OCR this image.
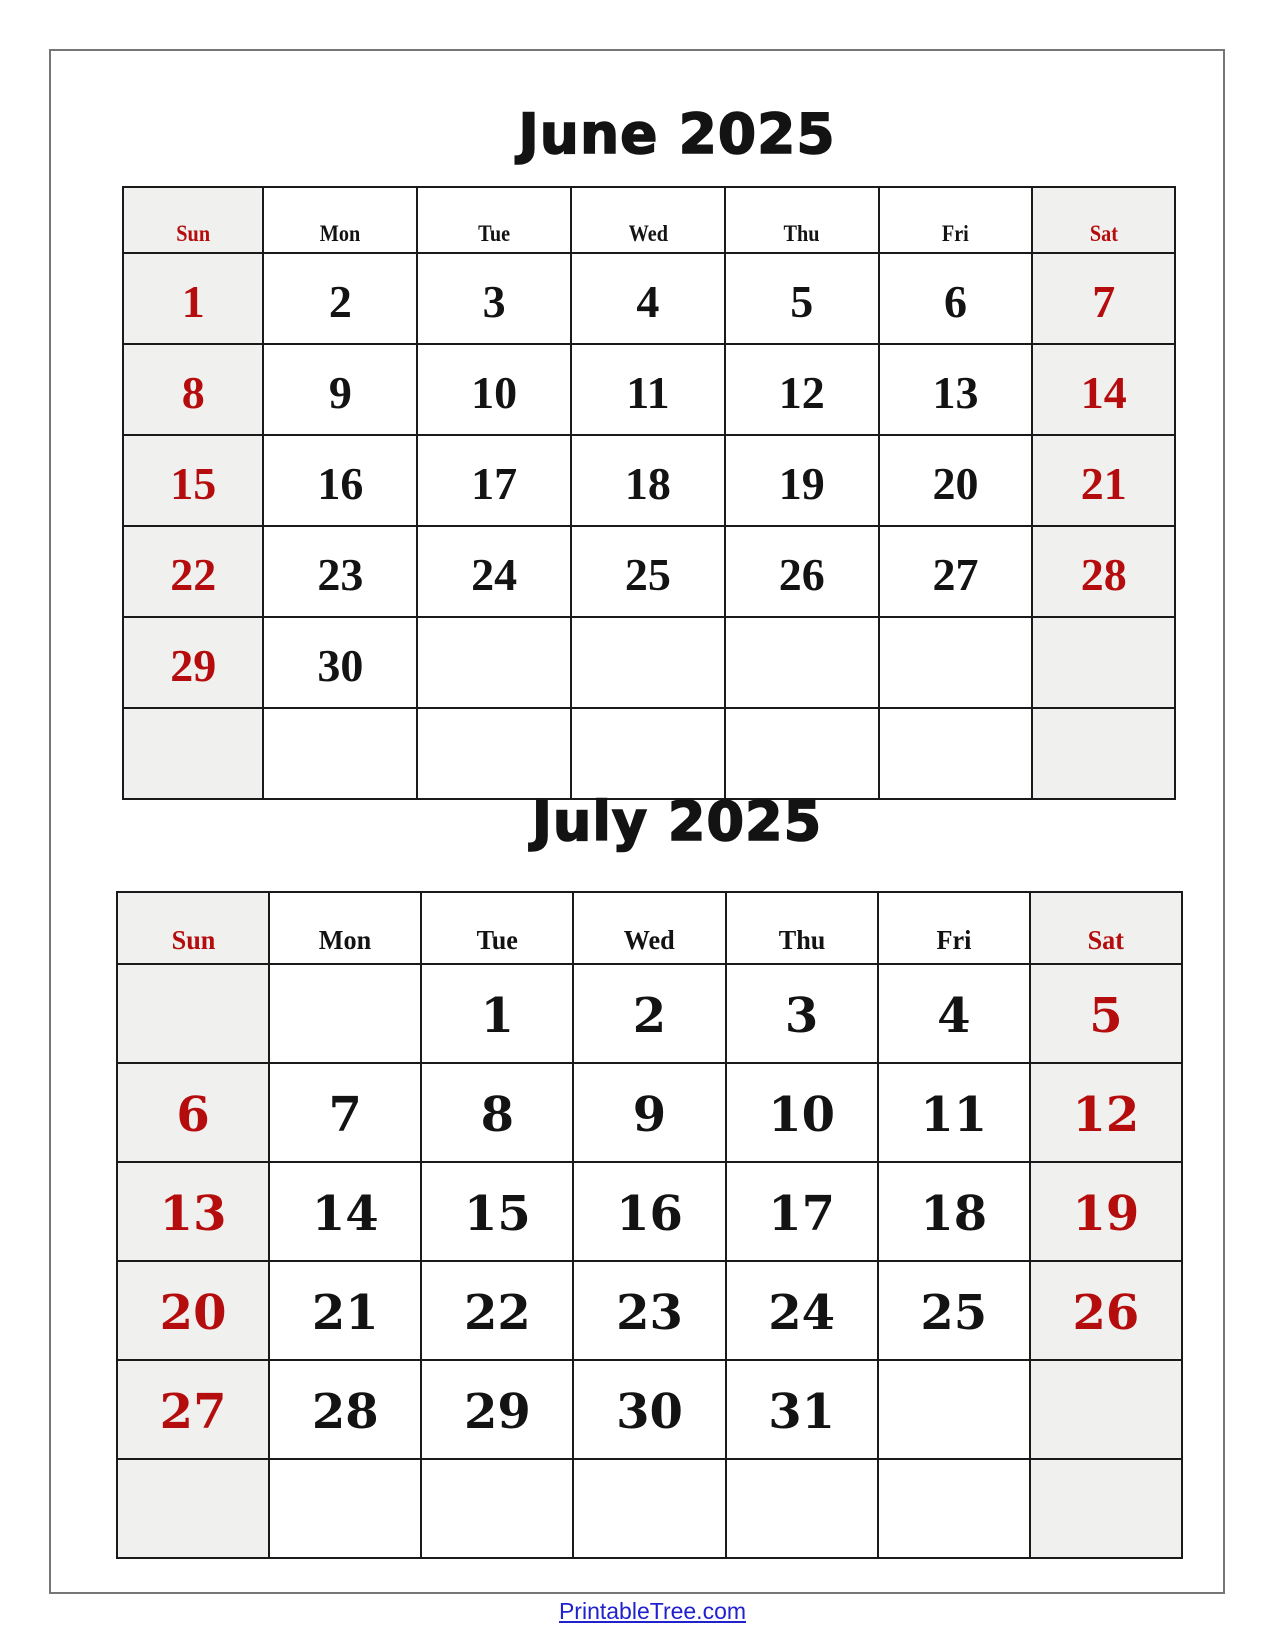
June 2025
Sun	Mon	Tue	Wed	Thu	Fri	Sat
1	2	3	4	5	6	7
8	9	10	11	12	13	14
15	16	17	18	19	20	21
22	23	24	25	26	27	28
29	30					

July 2025
Sun	Mon	Tue	Wed	Thu	Fri	Sat
		1	2	3	4	5
6	7	8	9	10	11	12
13	14	15	16	17	18	19
20	21	22	23	24	25	26
27	28	29	30	31		

PrintableTree.com
